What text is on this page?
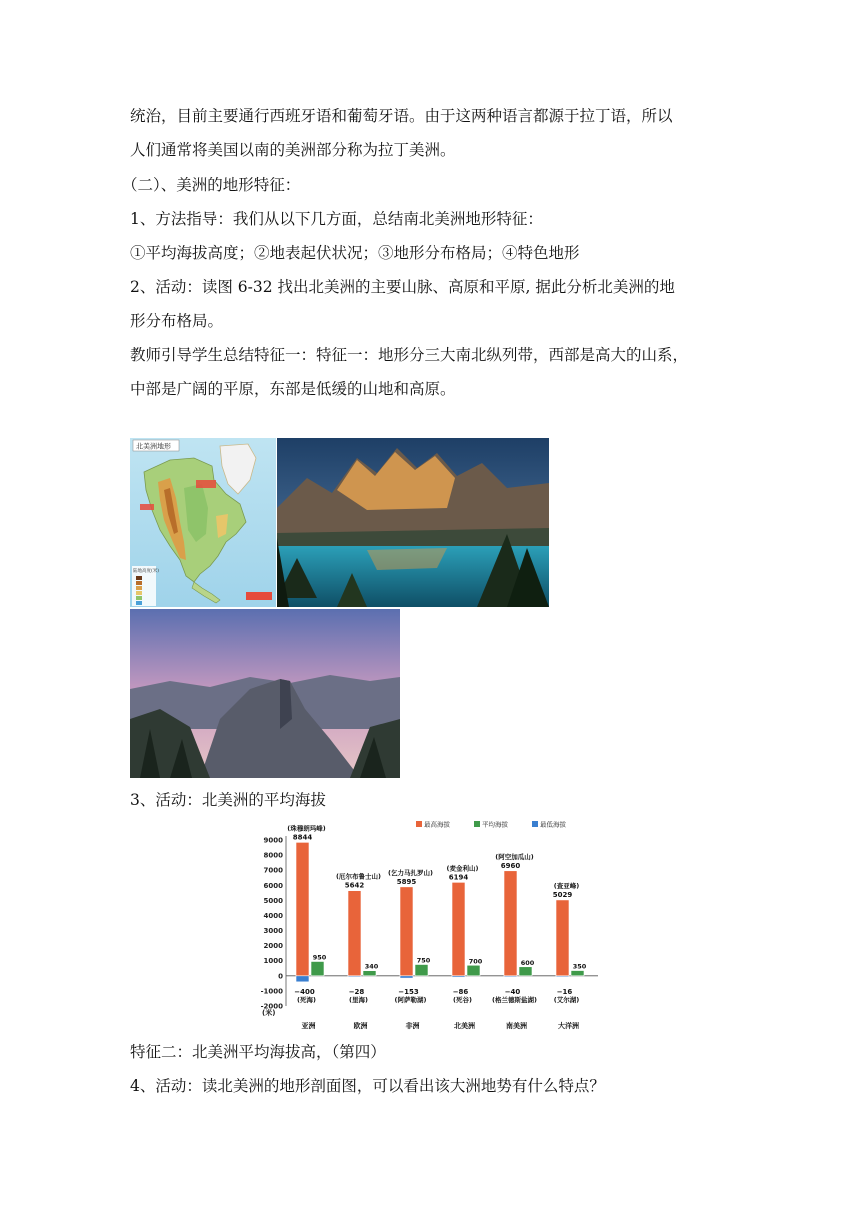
统治，目前主要通行西班牙语和葡萄牙语。由于这两种语言都源于拉丁语，所以
人们通常将美国以南的美洲部分称为拉丁美洲。
（二）、美洲的地形特征：
1、方法指导：我们从以下几方面，总结南北美洲地形特征：
①平均海拔高度；②地表起伏状况；③地形分布格局；④特色地形
2、活动：读图 6-32 找出北美洲的主要山脉、高原和平原, 据此分析北美洲的地
形分布格局。
教师引导学生总结特征一：特征一：地形分三大南北纵列带，西部是高大的山系，
中部是广阔的平原，东部是低缓的山地和高原。
陆地高度(米)
北美洲地形
3、活动：北美洲的平均海拔
9000
8000
7000
6000
5000
4000
3000
2000
1000
0
-1000
-2000
(米)
8844
(珠穆朗玛峰)
950
−400
(死海)
亚洲
5642
(厄尔布鲁士山)
340
−28
(里海)
欧洲
5895
(乞力马扎罗山)
750
−153
(阿萨勒湖)
非洲
6194
(麦金利山)
700
−86
(死谷)
北美洲
6960
(阿空加瓜山)
600
−40
(格兰德斯盐湖)
南美洲
5029
(查亚峰)
350
−16
(艾尔湖)
大洋洲
最高海拔	平均海拔	最低海拔
特征二：北美洲平均海拔高，（第四）
4、活动：读北美洲的地形剖面图，可以看出该大洲地势有什么特点？
